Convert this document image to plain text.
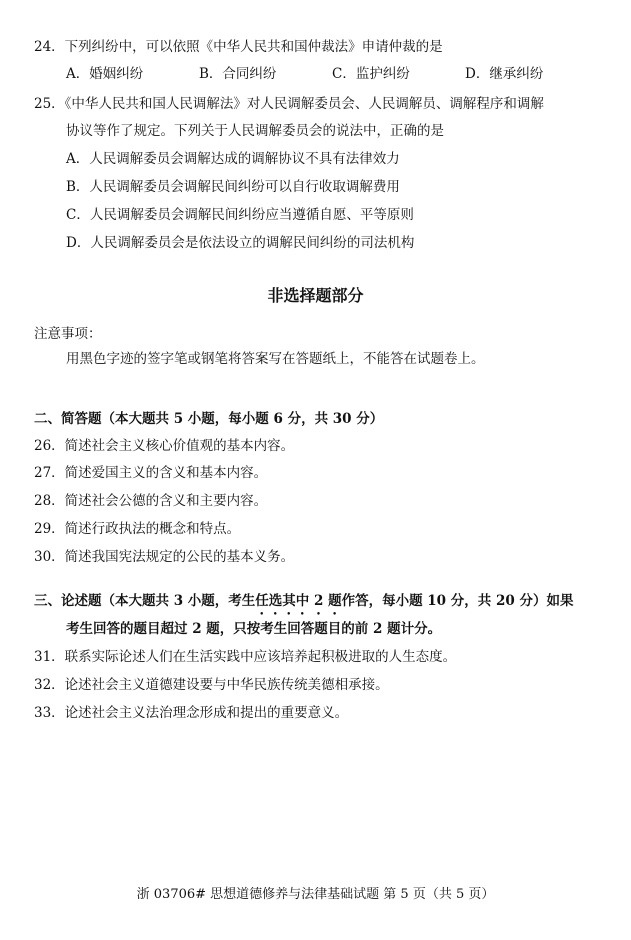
24．下列纠纷中，可以依照《中华人民共和国仲裁法》申请仲裁的是
A．婚姻纠纷	B．合同纠纷	C．监护纠纷	D．继承纠纷
25．《中华人民共和国人民调解法》对人民调解委员会、人民调解员、调解程序和调解
协议等作了规定。下列关于人民调解委员会的说法中，正确的是
A．人民调解委员会调解达成的调解协议不具有法律效力
B．人民调解委员会调解民间纠纷可以自行收取调解费用
C．人民调解委员会调解民间纠纷应当遵循自愿、平等原则
D．人民调解委员会是依法设立的调解民间纠纷的司法机构
非选择题部分
注意事项：
用黑色字迹的签字笔或钢笔将答案写在答题纸上，不能答在试题卷上。
二、简答题（本大题共 5 小题，每小题 6 分，共 30 分）
26．简述社会主义核心价值观的基本内容。
27．简述爱国主义的含义和基本内容。
28．简述社会公德的含义和主要内容。
29．简述行政执法的概念和特点。
30．简述我国宪法规定的公民的基本义务。
三、论述题（本大题共 3 小题，考生任选其中 2 题作答，每小题 10 分，共 20 分）如果
考生回答的题目超过 2 题，只按考生回答题目的前 2 题计分。
31．联系实际论述人们在生活实践中应该培养起积极进取的人生态度。
32．论述社会主义道德建设要与中华民族传统美德相承接。
33．论述社会主义法治理念形成和提出的重要意义。
浙 03706# 思想道德修养与法律基础试题 第 5 页（共 5 页）
